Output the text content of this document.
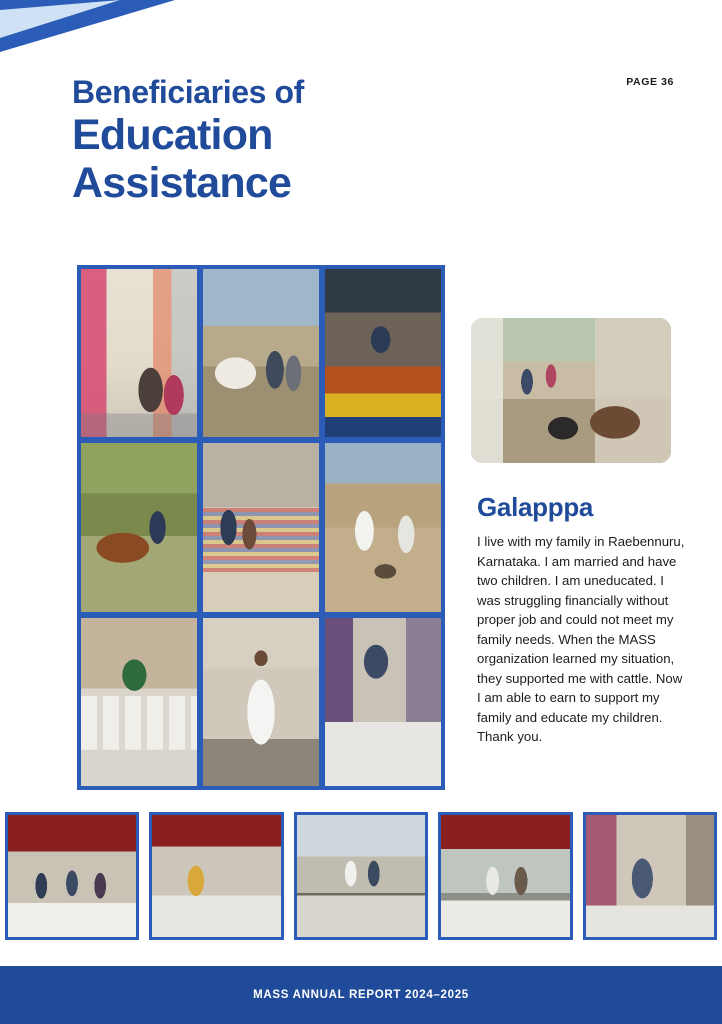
PAGE 36
Beneficiaries of
Education
Assistance
Galapppa
I live with my family in Raebennuru, Karnataka. I am married and have two children. I am uneducated. I was struggling financially without proper job and could not meet my family needs. When the MASS organization learned my situation, they supported me with cattle. Now I am able to earn to support my family and educate my children. Thank you.
MASS ANNUAL REPORT 2024–2025
